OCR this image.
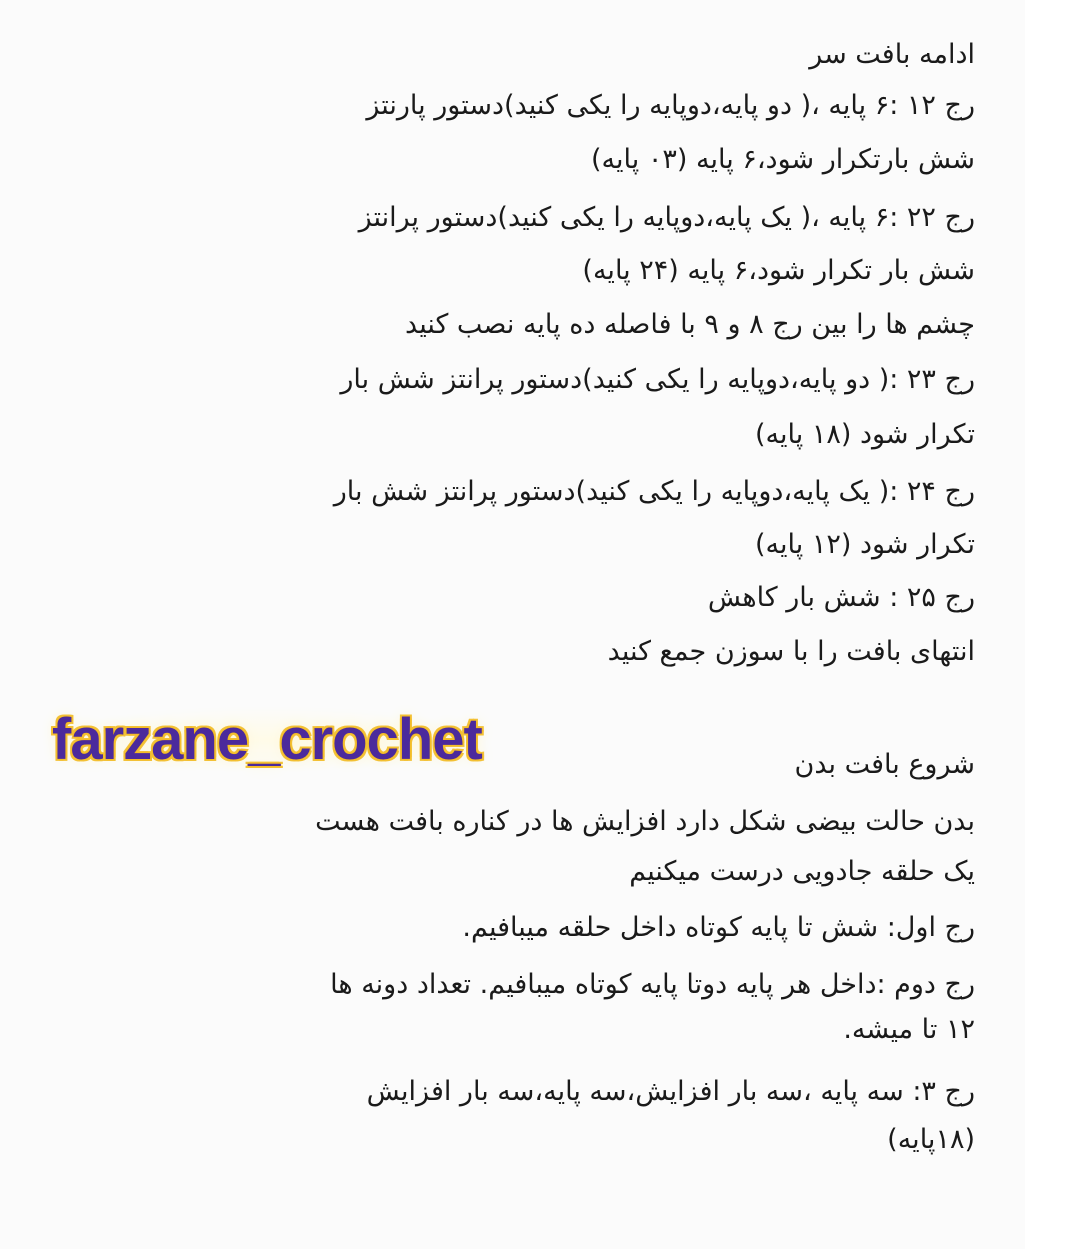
ادامه بافت سر
رج ۱۲ :۶ پایه ،( دو پایه،دوپایه را یکی کنید)دستور پارنتز
شش بارتکرار شود،۶ پایه (۰۳ پایه)
رج ۲۲ :۶ پایه ،( یک پایه،دوپایه را یکی کنید)دستور پرانتز
شش بار تکرار شود،۶ پایه (۲۴ پایه)
چشم ها را بین رج ۸ و ۹ با فاصله ده پایه نصب کنید
رج ۲۳ :( دو پایه،دوپایه را یکی کنید)دستور پرانتز شش بار
تکرار شود (۱۸ پایه)
رج ۲۴ :( یک پایه،دوپایه را یکی کنید)دستور پرانتز شش بار
تکرار شود (۱۲ پایه)
رج ۲۵ : شش بار کاهش
انتهای بافت را با سوزن جمع کنید
farzane_crochet	شروع بافت بدن
بدن حالت بیضی شکل دارد افزایش ها در کناره بافت هست
یک حلقه جادویی درست میکنیم
رج اول: شش تا پایه کوتاه داخل حلقه میبافیم.
رج دوم :داخل هر پایه دوتا پایه کوتاه میبافیم. تعداد دونه ها
۱۲ تا میشه.
رج ۳: سه پایه ،سه بار افزایش،سه پایه،سه بار افزایش
(۱۸پایه)
